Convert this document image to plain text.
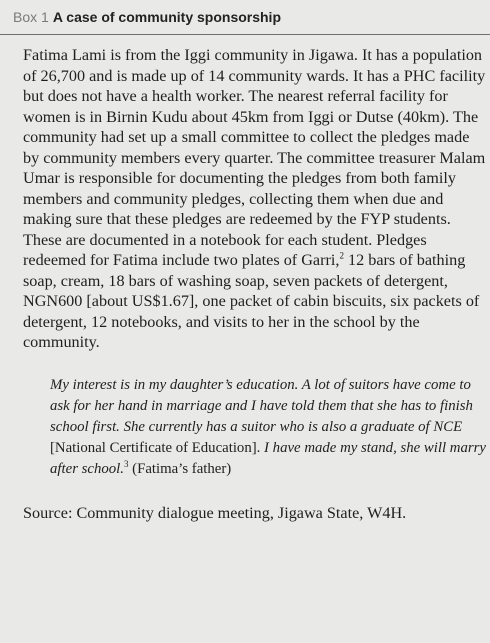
Box 1 A case of community sponsorship

Fatima Lami is from the Iggi community in Jigawa. It has a population of 26,700 and is made up of 14 community wards. It has a PHC facility but does not have a health worker. The nearest referral facility for women is in Birnin Kudu about 45km from Iggi or Dutse (40km). The community had set up a small committee to collect the pledges made by community members every quarter. The committee treasurer Malam Umar is responsible for documenting the pledges from both family members and community pledges, collecting them when due and making sure that these pledges are redeemed by the FYP students. These are documented in a notebook for each student. Pledges redeemed for Fatima include two plates of Garri,$^2$ 12 bars of bathing soap, cream, 18 bars of washing soap, seven packets of detergent, NGN600 [about US$1.67], one packet of cabin biscuits, six packets of detergent, 12 notebooks, and visits to her in the school by the community.

My interest is in my daughter’s education. A lot of suitors have come to ask for her hand in marriage and I have told them that she has to finish school first. She currently has a suitor who is also a graduate of NCE [National Certificate of Education]. I have made my stand, she will marry after school.$^3$ (Fatima’s father)
Source: Community dialogue meeting, Jigawa State, W4H.
